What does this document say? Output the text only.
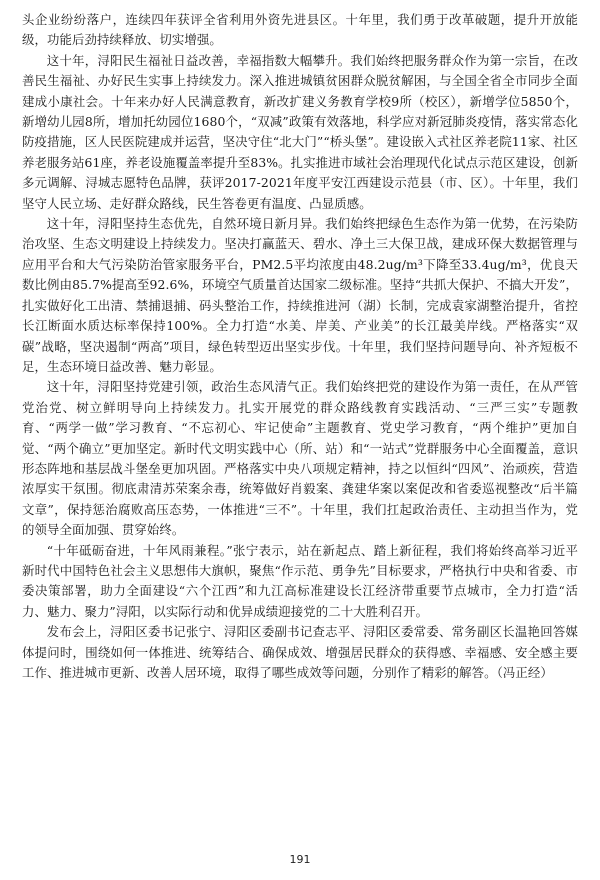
头企业纷纷落户，连续四年获评全省利用外资先进县区。十年里，我们勇于改革破题，提升开放能级，功能后劲持续释放、切实增强。

这十年，浔阳民生福祉日益改善，幸福指数大幅攀升。我们始终把服务群众作为第一宗旨，在改善民生福祉、办好民生实事上持续发力。深入推进城镇贫困群众脱贫解困，与全国全省全市同步全面建成小康社会。十年来办好人民满意教育，新改扩建义务教育学校9所（校区），新增学位5850个，新增幼儿园8所，增加托幼园位1680个，“双减”政策有效落地，科学应对新冠肺炎疫情，落实常态化防疫措施，区人民医院建成并运营，坚决守住“北大门”“桥头堡”。建设嵌入式社区养老院11家、社区养老服务站61座，养老设施覆盖率提升至83%。扎实推进市域社会治理现代化试点示范区建设，创新多元调解、浔城志愿特色品牌，获评2017-2021年度平安江西建设示范县（市、区）。十年里，我们坚守人民立场、走好群众路线，民生答卷更有温度、凸显质感。

这十年，浔阳坚持生态优先，自然环境日新月异。我们始终把绿色生态作为第一优势，在污染防治攻坚、生态文明建设上持续发力。坚决打赢蓝天、碧水、净土三大保卫战，建成环保大数据管理与应用平台和大气污染防治管家服务平台，PM2.5平均浓度由48.2ug/m³下降至33.4ug/m³，优良天数比例由85.7%提高至92.6%，环境空气质量首达国家二级标准。坚持“共抓大保护、不搞大开发”，扎实做好化工出清、禁捕退捕、码头整治工作，持续推进河（湖）长制，完成袁家湖整治提升，省控长江断面水质达标率保持100%。全力打造“水美、岸美、产业美”的长江最美岸线。严格落实“双碳”战略，坚决遏制“两高”项目，绿色转型迈出坚实步伐。十年里，我们坚持问题导向、补齐短板不足，生态环境日益改善、魅力彰显。

这十年，浔阳坚持党建引领，政治生态风清气正。我们始终把党的建设作为第一责任，在从严管党治党、树立鲜明导向上持续发力。扎实开展党的群众路线教育实践活动、“三严三实”专题教育、“两学一做”学习教育、“不忘初心、牢记使命”主题教育、党史学习教育，“两个维护”更加自觉、“两个确立”更加坚定。新时代文明实践中心（所、站）和“一站式”党群服务中心全面覆盖，意识形态阵地和基层战斗堡垒更加巩固。严格落实中央八项规定精神，持之以恒纠“四风”、治顽疾，营造浓厚实干氛围。彻底肃清苏荣案余毒，统筹做好肖毅案、龚建华案以案促改和省委巡视整改“后半篇文章”，保持惩治腐败高压态势，一体推进“三不”。十年里，我们扛起政治责任、主动担当作为，党的领导全面加强、贯穿始终。

“十年砥砺奋进，十年风雨兼程。”张宁表示，站在新起点、踏上新征程，我们将始终高举习近平新时代中国特色社会主义思想伟大旗帜，聚焦“作示范、勇争先”目标要求，严格执行中央和省委、市委决策部署，助力全面建设“六个江西”和九江高标准建设长江经济带重要节点城市，全力打造“活力、魅力、聚力”浔阳，以实际行动和优异成绩迎接党的二十大胜利召开。

发布会上，浔阳区委书记张宁、浔阳区委副书记查志平、浔阳区委常委、常务副区长温艳回答媒体提问时，围绕如何一体推进、统筹结合、确保成效、增强居民群众的获得感、幸福感、安全感主要工作、推进城市更新、改善人居环境，取得了哪些成效等问题，分别作了精彩的解答。（冯正经）

191
